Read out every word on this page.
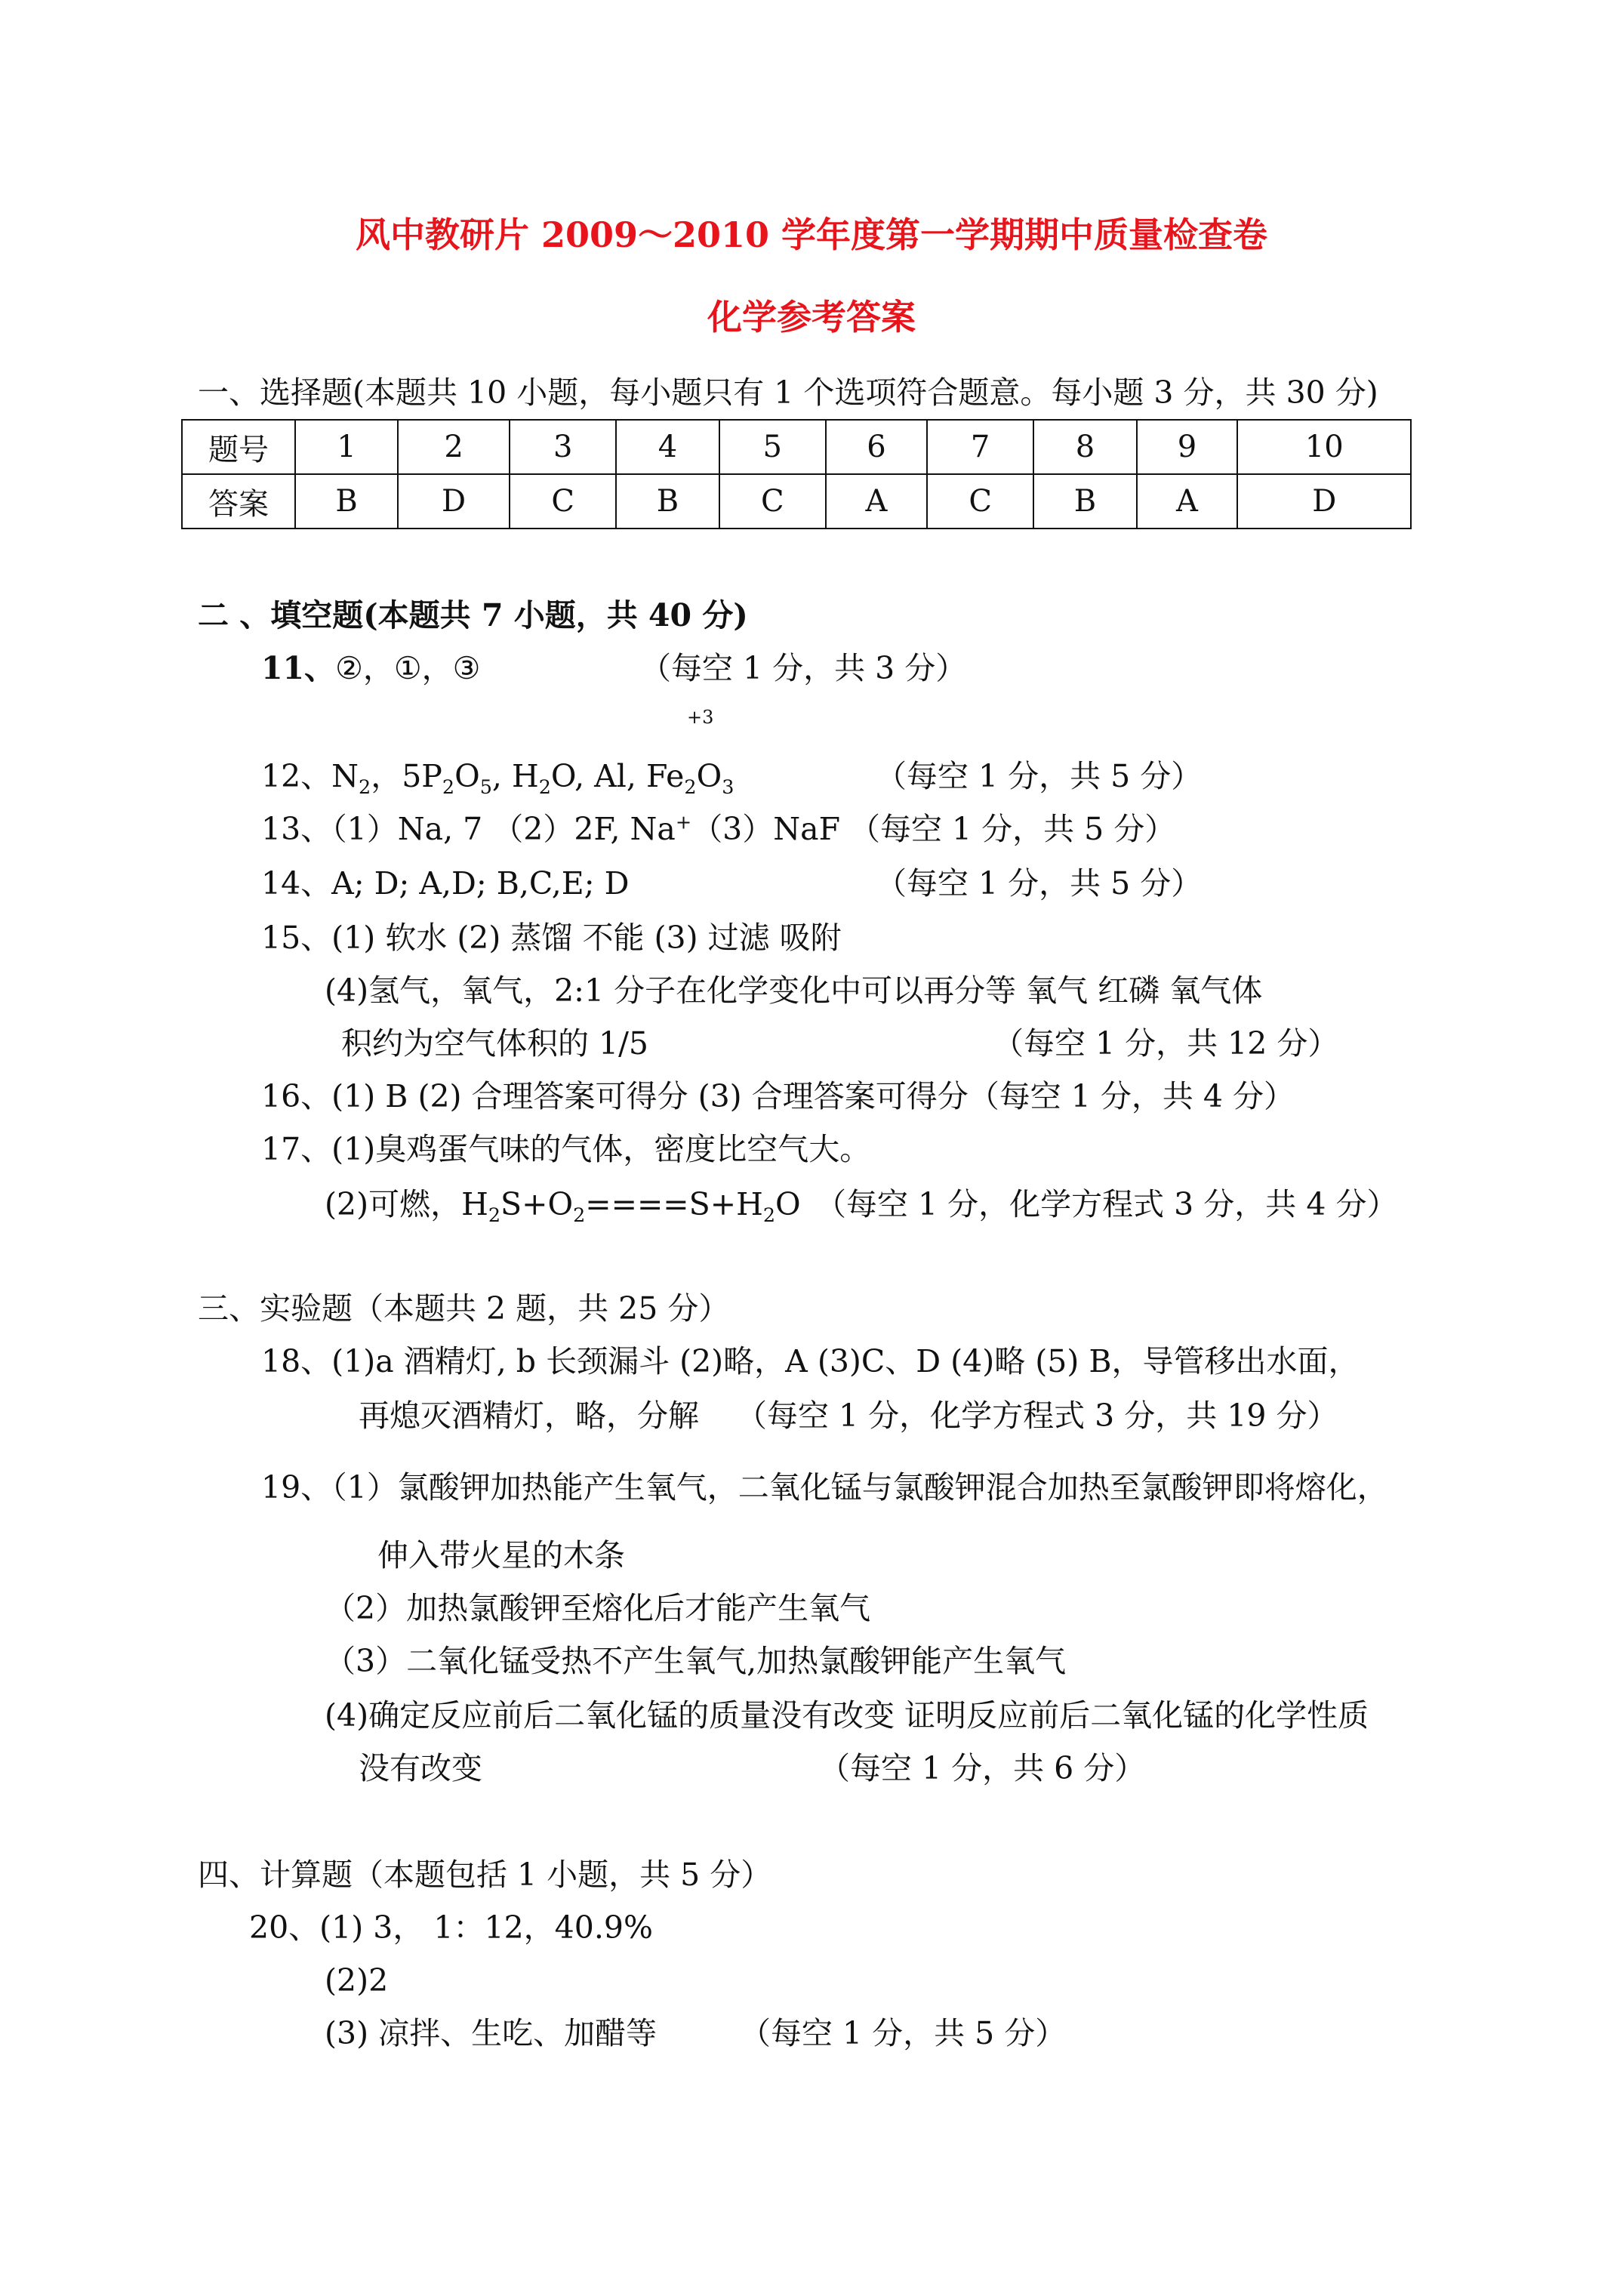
风中教研片 2009～2010 学年度第一学期期中质量检查卷
化学参考答案
一、选择题(本题共 10 小题，每小题只有 1 个选项符合题意。每小题 3 分，共 30 分)
题号	1	2	3	4	5	6	7	8	9	10
答案	B	D	C	B	C	A	C	B	A	D
二 、填空题(本题共 7 小题，共 40 分)
11、②，①，③	（每空 1 分，共 3 分）
+3
12、$N_2$，$5P_2O_5$, $H_2O$, Al, $Fe_2O_3$	（每空 1 分，共 5 分）
13、（1）Na, 7 （2）2F, Na+（3）NaF （每空 1 分，共 5 分）
14、A; D; A,D; B,C,E; D	（每空 1 分，共 5 分）
15、(1) 软水 (2) 蒸馏 不能 (3) 过滤 吸附
(4)氢气，氧气，2:1 分子在化学变化中可以再分等 氧气 红磷 氧气体
积约为空气体积的 1/5	（每空 1 分，共 12 分）
16、(1) B (2) 合理答案可得分 (3) 合理答案可得分（每空 1 分，共 4 分）
17、(1)臭鸡蛋气味的气体，密度比空气大。
(2)可燃，$H_2S+O_2====S+H_2O$ （每空 1 分，化学方程式 3 分，共 4 分）
三、实验题（本题共 2 题，共 25 分）
18、(1)a 酒精灯, b 长颈漏斗 (2)略，A (3)C、D (4)略 (5) B，导管移出水面，
再熄灭酒精灯，略，分解 （每空 1 分，化学方程式 3 分，共 19 分）
19、（1）氯酸钾加热能产生氧气，二氧化锰与氯酸钾混合加热至氯酸钾即将熔化，
伸入带火星的木条
（2）加热氯酸钾至熔化后才能产生氧气
（3）二氧化锰受热不产生氧气,加热氯酸钾能产生氧气
(4)确定反应前后二氧化锰的质量没有改变 证明反应前后二氧化锰的化学性质
没有改变	（每空 1 分，共 6 分）
四、计算题（本题包括 1 小题，共 5 分）
20、(1) 3， 1：12，40.9%
(2)2
(3) 凉拌、生吃、加醋等	（每空 1 分，共 5 分）
